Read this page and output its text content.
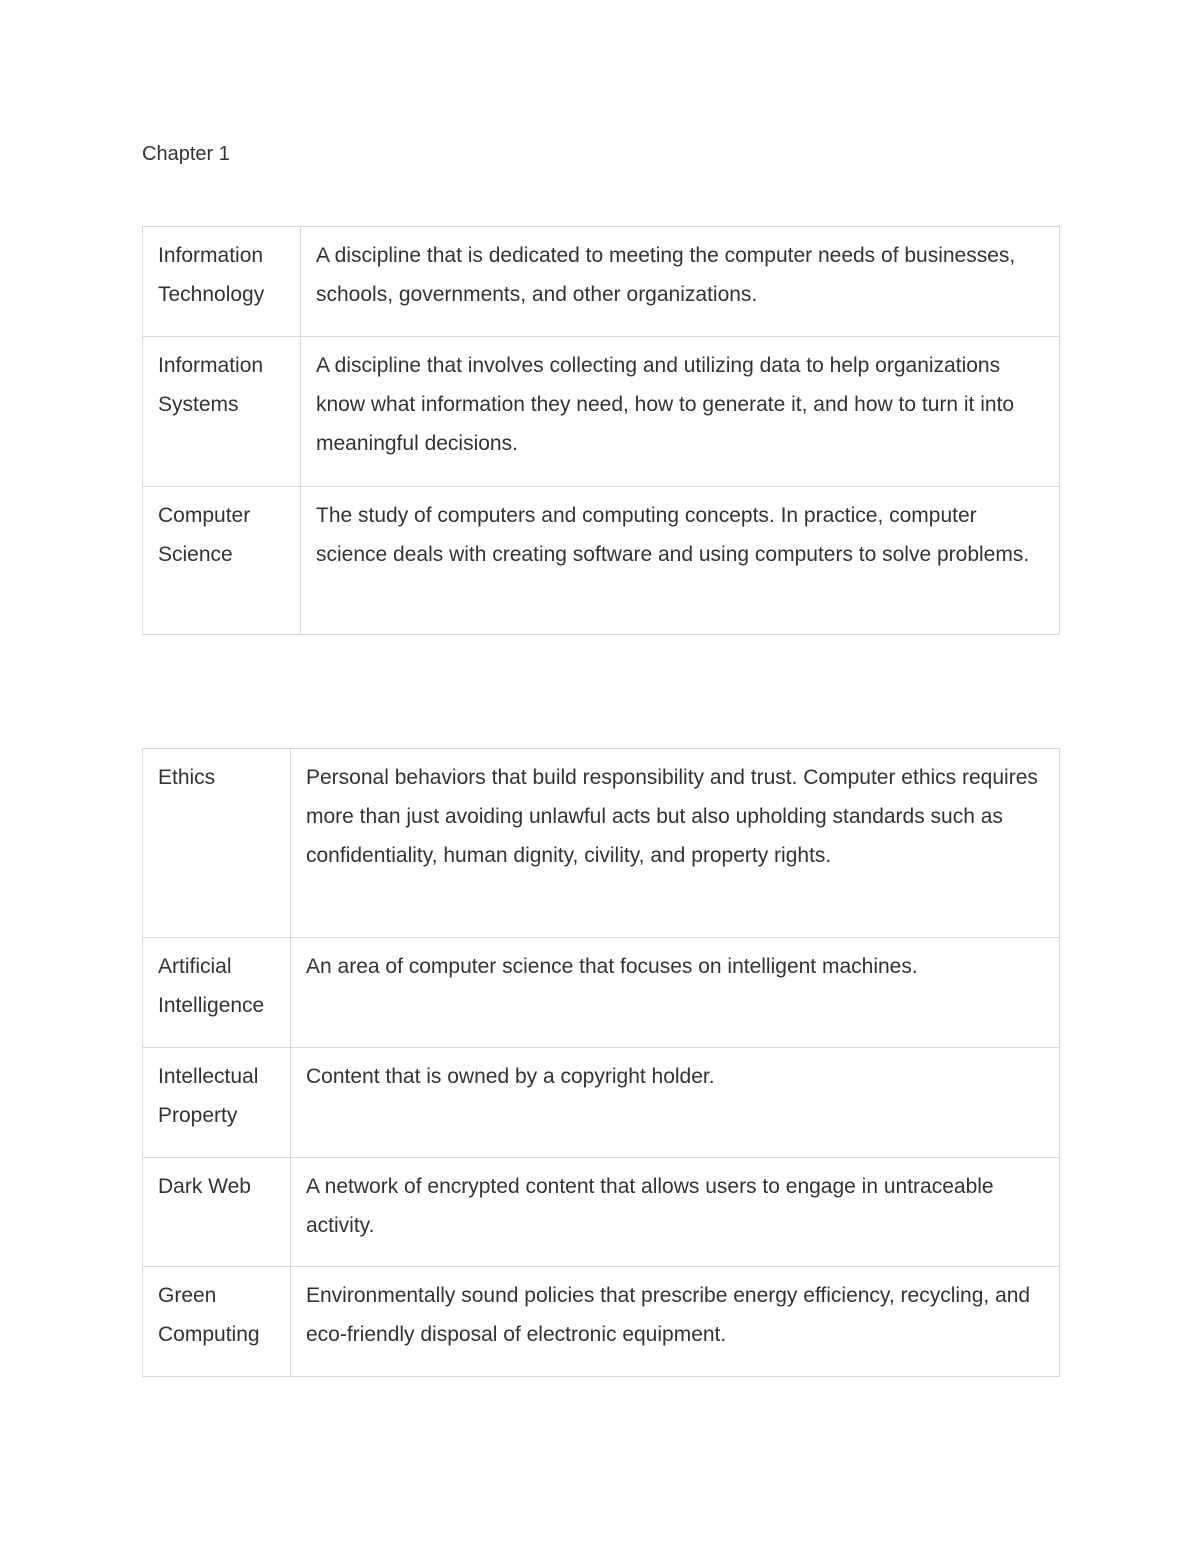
Chapter 1
Information Technology	A discipline that is dedicated to meeting the computer needs of businesses, schools, governments, and other organizations.
Information Systems	A discipline that involves collecting and utilizing data to help organizations know what information they need, how to generate it, and how to turn it into meaningful decisions.
Computer Science	The study of computers and computing concepts. In practice, computer science deals with creating software and using computers to solve problems.
Ethics	Personal behaviors that build responsibility and trust. Computer ethics requires more than just avoiding unlawful acts but also upholding standards such as confidentiality, human dignity, civility, and property rights.
Artificial Intelligence	An area of computer science that focuses on intelligent machines.
Intellectual Property	Content that is owned by a copyright holder.
Dark Web	A network of encrypted content that allows users to engage in untraceable activity.
Green Computing	Environmentally sound policies that prescribe energy efficiency, recycling, and eco-friendly disposal of electronic equipment.
